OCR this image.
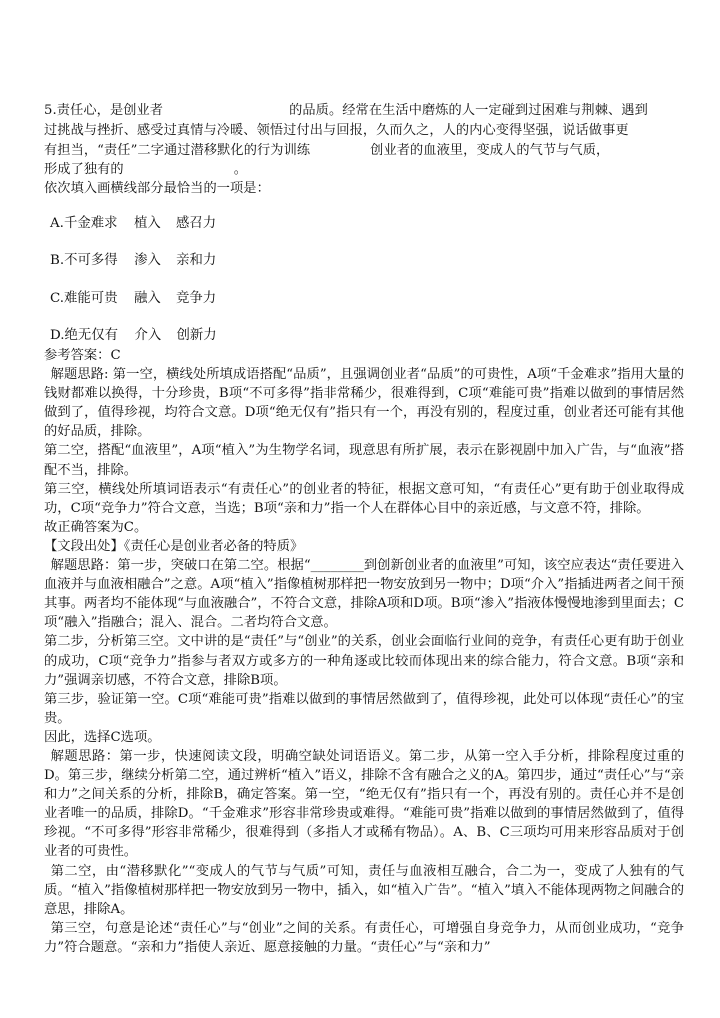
5.责任心，是创业者	的品质。经常在生活中磨炼的人一定碰到过困难与荆棘、遇到
过挑战与挫折、感受过真情与冷暖、领悟过付出与回报，久而久之，人的内心变得坚强，说话做事更
有担当，“责任”二字通过潜移默化的行为训练	创业者的血液里，变成人的气节与气质，
形成了独有的	。
依次填入画横线部分最恰当的一项是：
A.千金难求 植入 感召力
B.不可多得 渗入 亲和力
C.难能可贵 融入 竞争力
D.绝无仅有 介入 创新力

参考答案：C

解题思路: 第一空，横线处所填成语搭配“品质”，且强调创业者“品质”的可贵性，A项“千金难求”指用大量的钱财都难以换得，十分珍贵，B项“不可多得”指非常稀少，很难得到，C项“难能可贵”指难以做到的事情居然做到了，值得珍视，均符合文意。D项“绝无仅有”指只有一个，再没有别的，程度过重，创业者还可能有其他的好品质，排除。

第二空，搭配“血液里”，A项“植入”为生物学名词，现意思有所扩展，表示在影视剧中加入广告，与“血液”搭配不当，排除。

第三空，横线处所填词语表示“有责任心”的创业者的特征，根据文意可知，“有责任心”更有助于创业取得成功，C项“竞争力”符合文意，当选；B项“亲和力”指一个人在群体心目中的亲近感，与文意不符，排除。

故正确答案为C。

【文段出处】《责任心是创业者必备的特质》

解题思路：第一步，突破口在第二空。根据“________到创新创业者的血液里”可知，该空应表达“责任要进入血液并与血液相融合”之意。A项“植入”指像植树那样把一物安放到另一物中；D项“介入”指插进两者之间干预其事。两者均不能体现“与血液融合”，不符合文意，排除A项和D项。B项“渗入”指液体慢慢地渗到里面去；C项“融入”指融合；混入、混合。二者均符合文意。

第二步，分析第三空。文中讲的是“责任”与“创业”的关系，创业会面临行业间的竞争，有责任心更有助于创业的成功，C项“竞争力”指参与者双方或多方的一种角逐或比较而体现出来的综合能力，符合文意。B项“亲和力”强调亲切感，不符合文意，排除B项。

第三步，验证第一空。C项“难能可贵”指难以做到的事情居然做到了，值得珍视，此处可以体现“责任心”的宝贵。

因此，选择C选项。

解题思路：第一步，快速阅读文段，明确空缺处词语语义。第二步，从第一空入手分析，排除程度过重的D。第三步，继续分析第二空，通过辨析“植入”语义，排除不含有融合之义的A。第四步，通过“责任心”与“亲和力”之间关系的分析，排除B，确定答案。第一空，“绝无仅有”指只有一个，再没有别的。责任心并不是创业者唯一的品质，排除D。“千金难求”形容非常珍贵或难得。“难能可贵”指难以做到的事情居然做到了，值得珍视。“不可多得”形容非常稀少，很难得到（多指人才或稀有物品）。A、B、C三项均可用来形容品质对于创业者的可贵性。

第二空，由“潜移默化”“变成人的气节与气质”可知，责任与血液相互融合，合二为一，变成了人独有的气质。“植入”指像植树那样把一物安放到另一物中，插入，如“植入广告”。“植入”填入不能体现两物之间融合的意思，排除A。

第三空，句意是论述“责任心”与“创业”之间的关系。有责任心，可增强自身竞争力，从而创业成功，“竞争力”符合题意。“亲和力”指使人亲近、愿意接触的力量。“责任心”与“亲和力”
